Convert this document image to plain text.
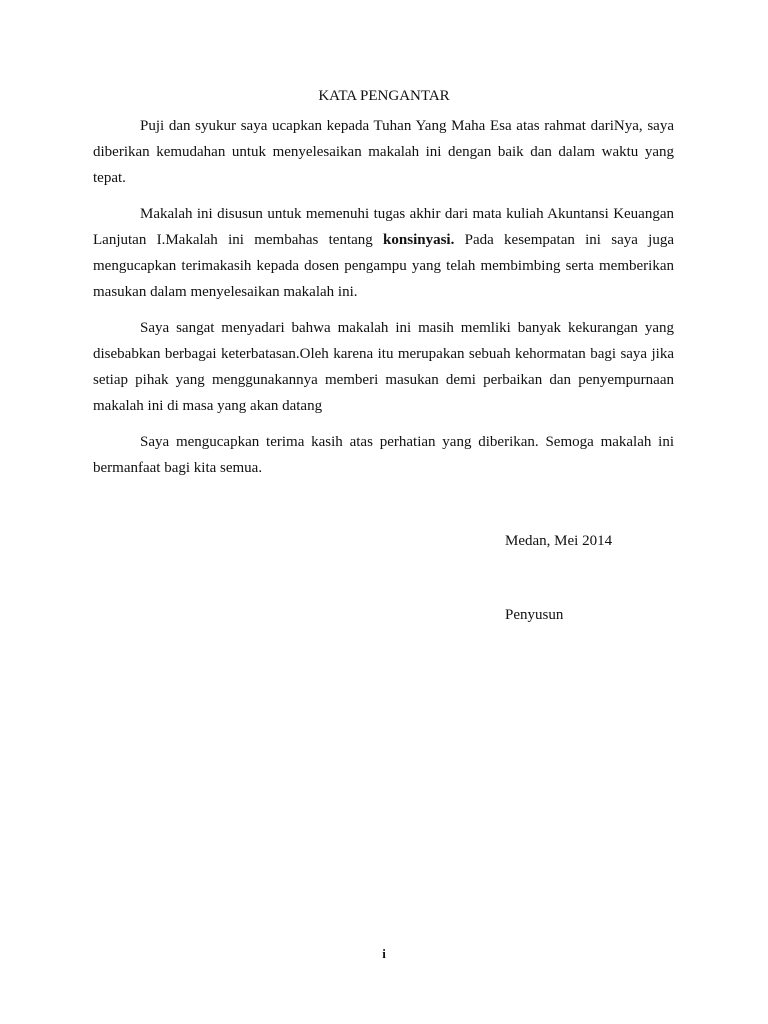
KATA PENGANTAR

Puji dan syukur saya ucapkan kepada Tuhan Yang Maha Esa atas rahmat dariNya, saya diberikan kemudahan untuk menyelesaikan makalah ini dengan baik dan dalam waktu yang tepat.

Makalah ini disusun untuk memenuhi tugas akhir dari mata kuliah Akuntansi Keuangan Lanjutan I.Makalah ini membahas tentang konsinyasi. Pada kesempatan ini saya juga mengucapkan terimakasih kepada dosen pengampu yang telah membimbing serta memberikan masukan dalam menyelesaikan makalah ini.

Saya sangat menyadari bahwa makalah ini masih memliki banyak kekurangan yang disebabkan berbagai keterbatasan.Oleh karena itu merupakan sebuah kehormatan bagi saya jika setiap pihak yang menggunakannya memberi masukan demi perbaikan dan penyempurnaan makalah ini di masa yang akan datang

Saya mengucapkan terima kasih atas perhatian yang diberikan. Semoga makalah ini bermanfaat bagi kita semua.

Medan, Mei 2014
Penyusun
i
